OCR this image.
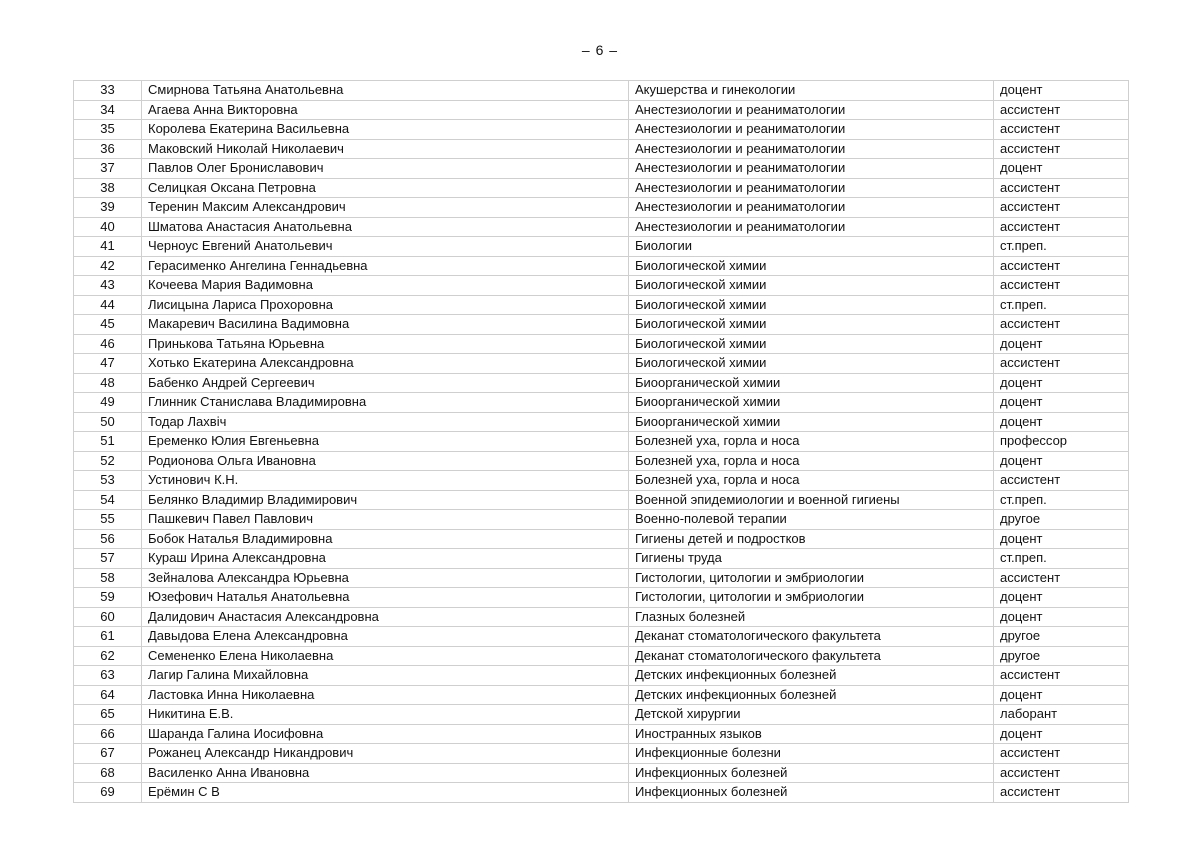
– 6 –
33	Смирнова Татьяна Анатольевна	Акушерства и гинекологии	доцент
34	Агаева Анна Викторовна	Анестезиологии и реаниматологии	ассистент
35	Королева Екатерина Васильевна	Анестезиологии и реаниматологии	ассистент
36	Маковский Николай Николаевич	Анестезиологии и реаниматологии	ассистент
37	Павлов Олег Брониславович	Анестезиологии и реаниматологии	доцент
38	Селицкая Оксана Петровна	Анестезиологии и реаниматологии	ассистент
39	Теренин Максим Александрович	Анестезиологии и реаниматологии	ассистент
40	Шматова Анастасия Анатольевна	Анестезиологии и реаниматологии	ассистент
41	Черноус Евгений Анатольевич	Биологии	ст.преп.
42	Герасименко Ангелина Геннадьевна	Биологической химии	ассистент
43	Кочеева Мария Вадимовна	Биологической химии	ассистент
44	Лисицына Лариса Прохоровна	Биологической химии	ст.преп.
45	Макаревич Василина Вадимовна	Биологической химии	ассистент
46	Принькова Татьяна Юрьевна	Биологической химии	доцент
47	Хотько Екатерина Александровна	Биологической химии	ассистент
48	Бабенко Андрей Сергеевич	Биоорганической химии	доцент
49	Глинник Станислава Владимировна	Биоорганической химии	доцент
50	Тодар Лахвіч	Биоорганической химии	доцент
51	Еременко Юлия Евгеньевна	Болезней уха, горла и носа	профессор
52	Родионова Ольга Ивановна	Болезней уха, горла и носа	доцент
53	Устинович К.Н.	Болезней уха, горла и носа	ассистент
54	Белянко Владимир Владимирович	Военной эпидемиологии и военной гигиены	ст.преп.
55	Пашкевич Павел Павлович	Военно-полевой терапии	другое
56	Бобок Наталья Владимировна	Гигиены детей и подростков	доцент
57	Кураш Ирина Александровна	Гигиены труда	ст.преп.
58	Зейналова Александра Юрьевна	Гистологии, цитологии и эмбриологии	ассистент
59	Юзефович Наталья Анатольевна	Гистологии, цитологии и эмбриологии	доцент
60	Далидович Анастасия Александровна	Глазных болезней	доцент
61	Давыдова Елена Александровна	Деканат стоматологического факультета	другое
62	Семененко Елена Николаевна	Деканат стоматологического факультета	другое
63	Лагир Галина Михайловна	Детских инфекционных болезней	ассистент
64	Ластовка Инна Николаевна	Детских инфекционных болезней	доцент
65	Никитина Е.В.	Детской хирургии	лаборант
66	Шаранда Галина Иосифовна	Иностранных языков	доцент
67	Рожанец Александр Никандрович	Инфекционные болезни	ассистент
68	Василенко Анна Ивановна	Инфекционных болезней	ассистент
69	Ерёмин С В	Инфекционных болезней	ассистент
